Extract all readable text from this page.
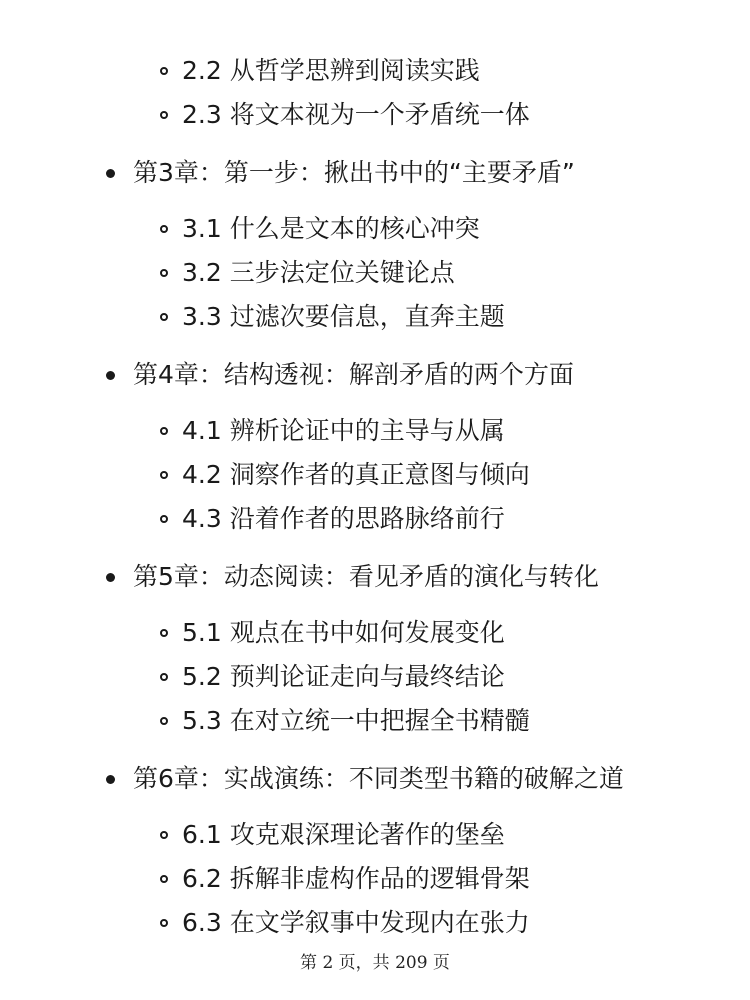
2.2 从哲学思辨到阅读实践
2.3 将文本视为一个矛盾统一体
第3章：第一步：揪出书中的“主要矛盾”
3.1 什么是文本的核心冲突
3.2 三步法定位关键论点
3.3 过滤次要信息，直奔主题
第4章：结构透视：解剖矛盾的两个方面
4.1 辨析论证中的主导与从属
4.2 洞察作者的真正意图与倾向
4.3 沿着作者的思路脉络前行
第5章：动态阅读：看见矛盾的演化与转化
5.1 观点在书中如何发展变化
5.2 预判论证走向与最终结论
5.3 在对立统一中把握全书精髓
第6章：实战演练：不同类型书籍的破解之道
6.1 攻克艰深理论著作的堡垒
6.2 拆解非虚构作品的逻辑骨架
6.3 在文学叙事中发现内在张力
第 2 页，共 209 页
